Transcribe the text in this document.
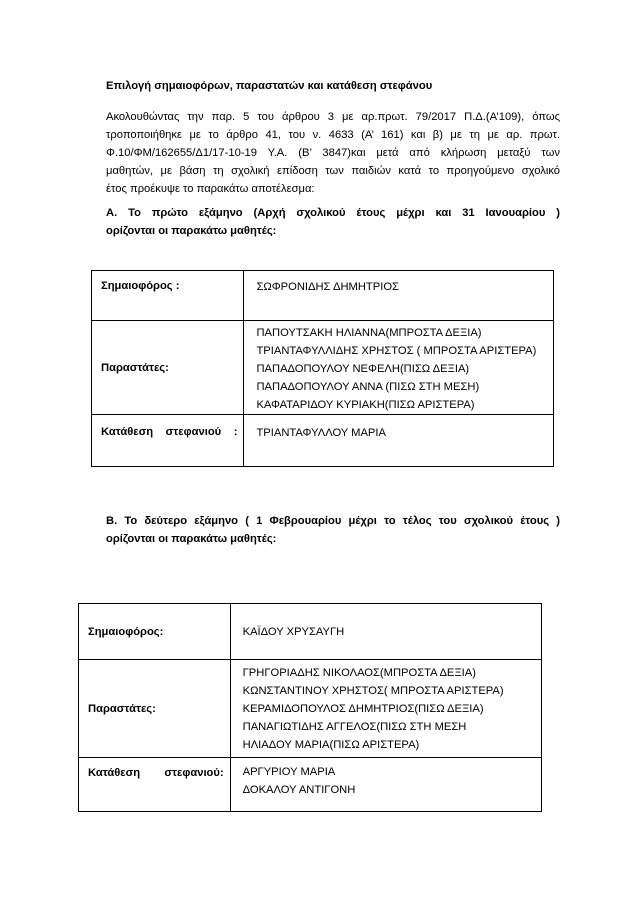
Επιλογή σημαιοφόρων, παραστατών και κατάθεση στεφάνου
Ακολουθώντας την παρ. 5 του άρθρου 3 με αρ.πρωτ. 79/2017 Π.Δ.(Α’109), όπως
τροποποιήθηκε με το άρθρο 41, του ν. 4633 (Α’ 161) και β) με τη με αρ. πρωτ.
Φ.10/ΦΜ/162655/Δ1/17-10-19 Υ.Α. (Β’ 3847)και μετά από κλήρωση μεταξύ των
μαθητών, με βάση τη σχολική επίδοση των παιδιών κατά το προηγούμενο σχολικό
έτος προέκυψε το παρακάτω αποτέλεσμα:
Α. Το πρώτο εξάμηνο (Αρχή σχολικού έτους μέχρι και 31 Ιανουαρίου )
ορίζονται οι παρακάτω μαθητές:
Σημαιοφόρος :	ΣΩΦΡΟΝΙΔΗΣ ΔΗΜΗΤΡΙΟΣ

Παραστάτες:	ΠΑΠΟΥΤΣΑΚΗ ΗΛΙΑΝΝΑ(ΜΠΡΟΣΤΑ ΔΕΞΙΑ)
ΤΡΙΑΝΤΑΦΥΛΛΙΔΗΣ ΧΡΗΣΤΟΣ ( ΜΠΡΟΣΤΑ ΑΡΙΣΤΕΡΑ)
ΠΑΠΑΔΟΠΟΥΛΟΥ ΝΕΦΕΛΗ(ΠΙΣΩ ΔΕΞΙΑ)
ΠΑΠΑΔΟΠΟΥΛΟΥ ΑΝΝΑ (ΠΙΣΩ ΣΤΗ ΜΕΣΗ)
ΚΑΦΑΤΑΡΙΔΟΥ ΚΥΡΙΑΚΗ(ΠΙΣΩ ΑΡΙΣΤΕΡΑ)

Κατάθεση στεφανιού :	ΤΡΙΑΝΤΑΦΥΛΛΟΥ ΜΑΡΙΑ
Β. Το δεύτερο εξάμηνο ( 1 Φεβρουαρίου μέχρι το τέλος του σχολικού έτους )
ορίζονται οι παρακάτω μαθητές:
Σημαιοφόρος:	ΚΑΪΔΟΥ ΧΡΥΣΑΥΓΗ

Παραστάτες:	ΓΡΗΓΟΡΙΑΔΗΣ ΝΙΚΟΛΑΟΣ(ΜΠΡΟΣΤΑ ΔΕΞΙΑ)
ΚΩΝΣΤΑΝΤΙΝΟΥ ΧΡΗΣΤΟΣ( ΜΠΡΟΣΤΑ ΑΡΙΣΤΕΡΑ)
ΚΕΡΑΜΙΔΟΠΟΥΛΟΣ ΔΗΜΗΤΡΙΟΣ(ΠΙΣΩ ΔΕΞΙΑ)
ΠΑΝΑΓΙΩΤΙΔΗΣ ΑΓΓΕΛΟΣ(ΠΙΣΩ ΣΤΗ ΜΕΣΗ
ΗΛΙΑΔΟΥ ΜΑΡΙΑ(ΠΙΣΩ ΑΡΙΣΤΕΡΑ)

Κατάθεση στεφανιού:	ΑΡΓΥΡΙΟΥ ΜΑΡΙΑ
ΔΟΚΑΛΟΥ ΑΝΤΙΓΟΝΗ
